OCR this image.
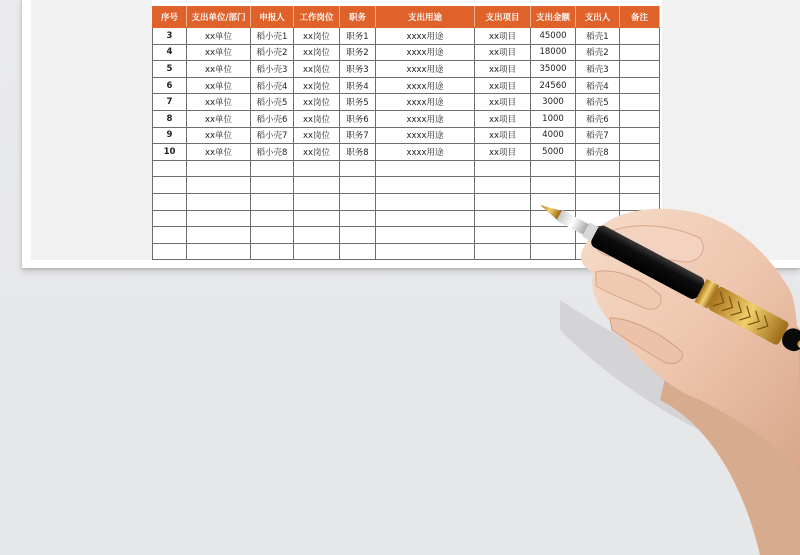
序号	支出单位/部门	申报人	工作岗位	职务	支出用途	支出项目	支出金额	支出人	备注
3	xx单位	稻小壳1	xx岗位	职务1	xxxx用途	xx项目	45000	稻壳1	
4	xx单位	稻小壳2	xx岗位	职务2	xxxx用途	xx项目	18000	稻壳2	
5	xx单位	稻小壳3	xx岗位	职务3	xxxx用途	xx项目	35000	稻壳3	
6	xx单位	稻小壳4	xx岗位	职务4	xxxx用途	xx项目	24560	稻壳4	
7	xx单位	稻小壳5	xx岗位	职务5	xxxx用途	xx项目	3000	稻壳5	
8	xx单位	稻小壳6	xx岗位	职务6	xxxx用途	xx项目	1000	稻壳6	
9	xx单位	稻小壳7	xx岗位	职务7	xxxx用途	xx项目	4000	稻壳7	
10	xx单位	稻小壳8	xx岗位	职务8	xxxx用途	xx项目	5000	稻壳8	
